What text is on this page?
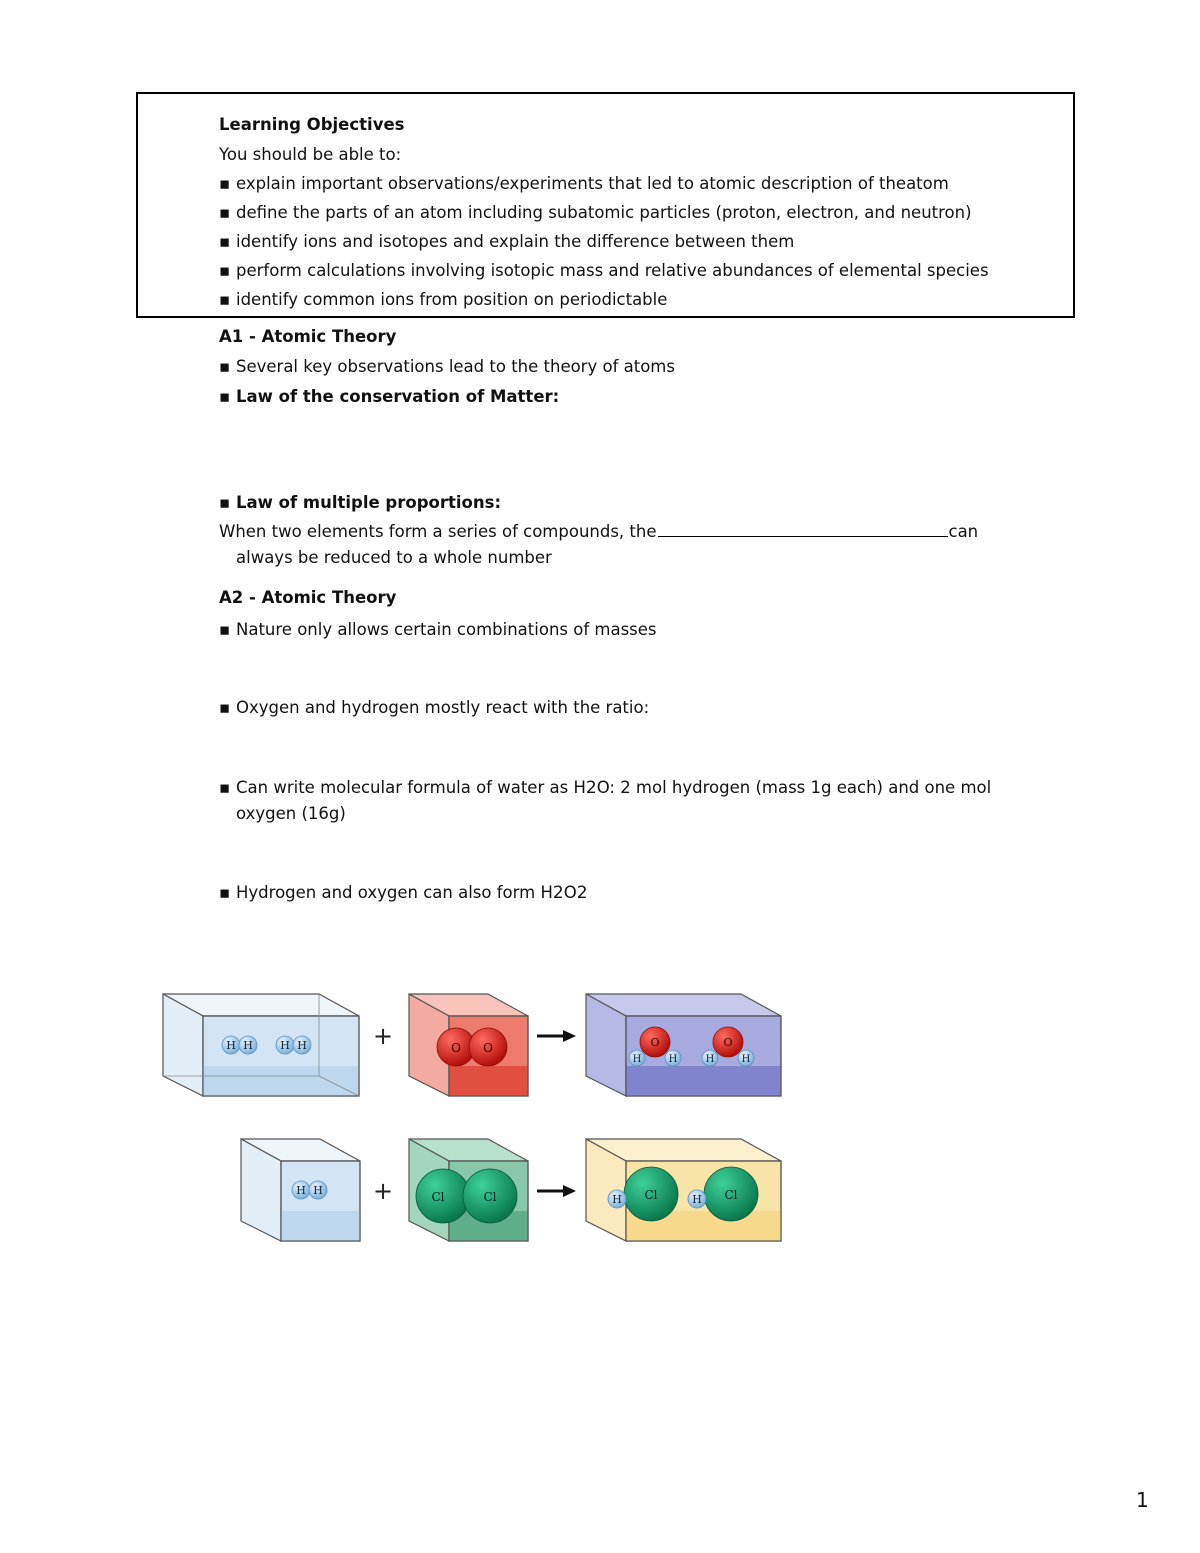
Learning Objectives
You should be able to:
▪ explain important observations/experiments that led to atomic description of theatom
▪ define the parts of an atom including subatomic particles (proton, electron, and neutron)
▪ identify ions and isotopes and explain the difference between them
▪ perform calculations involving isotopic mass and relative abundances of elemental species
▪ identify common ions from position on periodictable
A1 - Atomic Theory
▪ Several key observations lead to the theory of atoms
▪ Law of the conservation of Matter:
▪ Law of multiple proportions:
When two elements form a series of compounds, the	can
always be reduced to a whole number
A2 - Atomic Theory
▪ Nature only allows certain combinations of masses
▪ Oxygen and hydrogen mostly react with the ratio:
▪ Can write molecular formula of water as H2O: 2 mol hydrogen (mass 1g each) and one mol
oxygen (16g)
▪ Hydrogen and oxygen can also form H2O2
H H H H	+	O O	O	O
H	H	H	H
H H +	Cl	Cl	Cl	Cl
H	H
1
